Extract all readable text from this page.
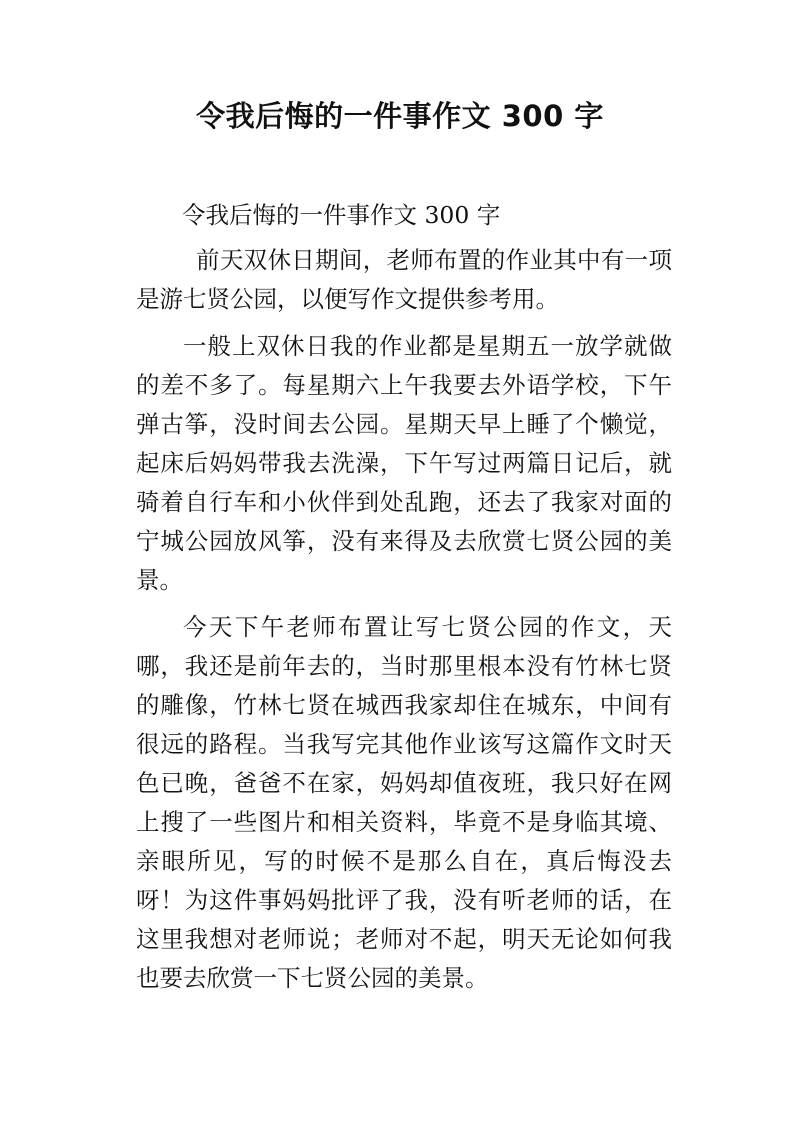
令我后悔的一件事作文 300 字

令我后悔的一件事作文 300 字

前天双休日期间，老师布置的作业其中有一项是游七贤公园，以便写作文提供参考用。

一般上双休日我的作业都是星期五一放学就做的差不多了。每星期六上午我要去外语学校，下午弹古筝，没时间去公园。星期天早上睡了个懒觉，起床后妈妈带我去洗澡，下午写过两篇日记后，就骑着自行车和小伙伴到处乱跑，还去了我家对面的宁城公园放风筝，没有来得及去欣赏七贤公园的美景。

今天下午老师布置让写七贤公园的作文，天哪，我还是前年去的，当时那里根本没有竹林七贤的雕像，竹林七贤在城西我家却住在城东，中间有很远的路程。当我写完其他作业该写这篇作文时天色已晚，爸爸不在家，妈妈却值夜班，我只好在网上搜了一些图片和相关资料，毕竟不是身临其境、亲眼所见，写的时候不是那么自在，真后悔没去呀！为这件事妈妈批评了我，没有听老师的话，在这里我想对老师说；老师对不起，明天无论如何我也要去欣赏一下七贤公园的美景。
